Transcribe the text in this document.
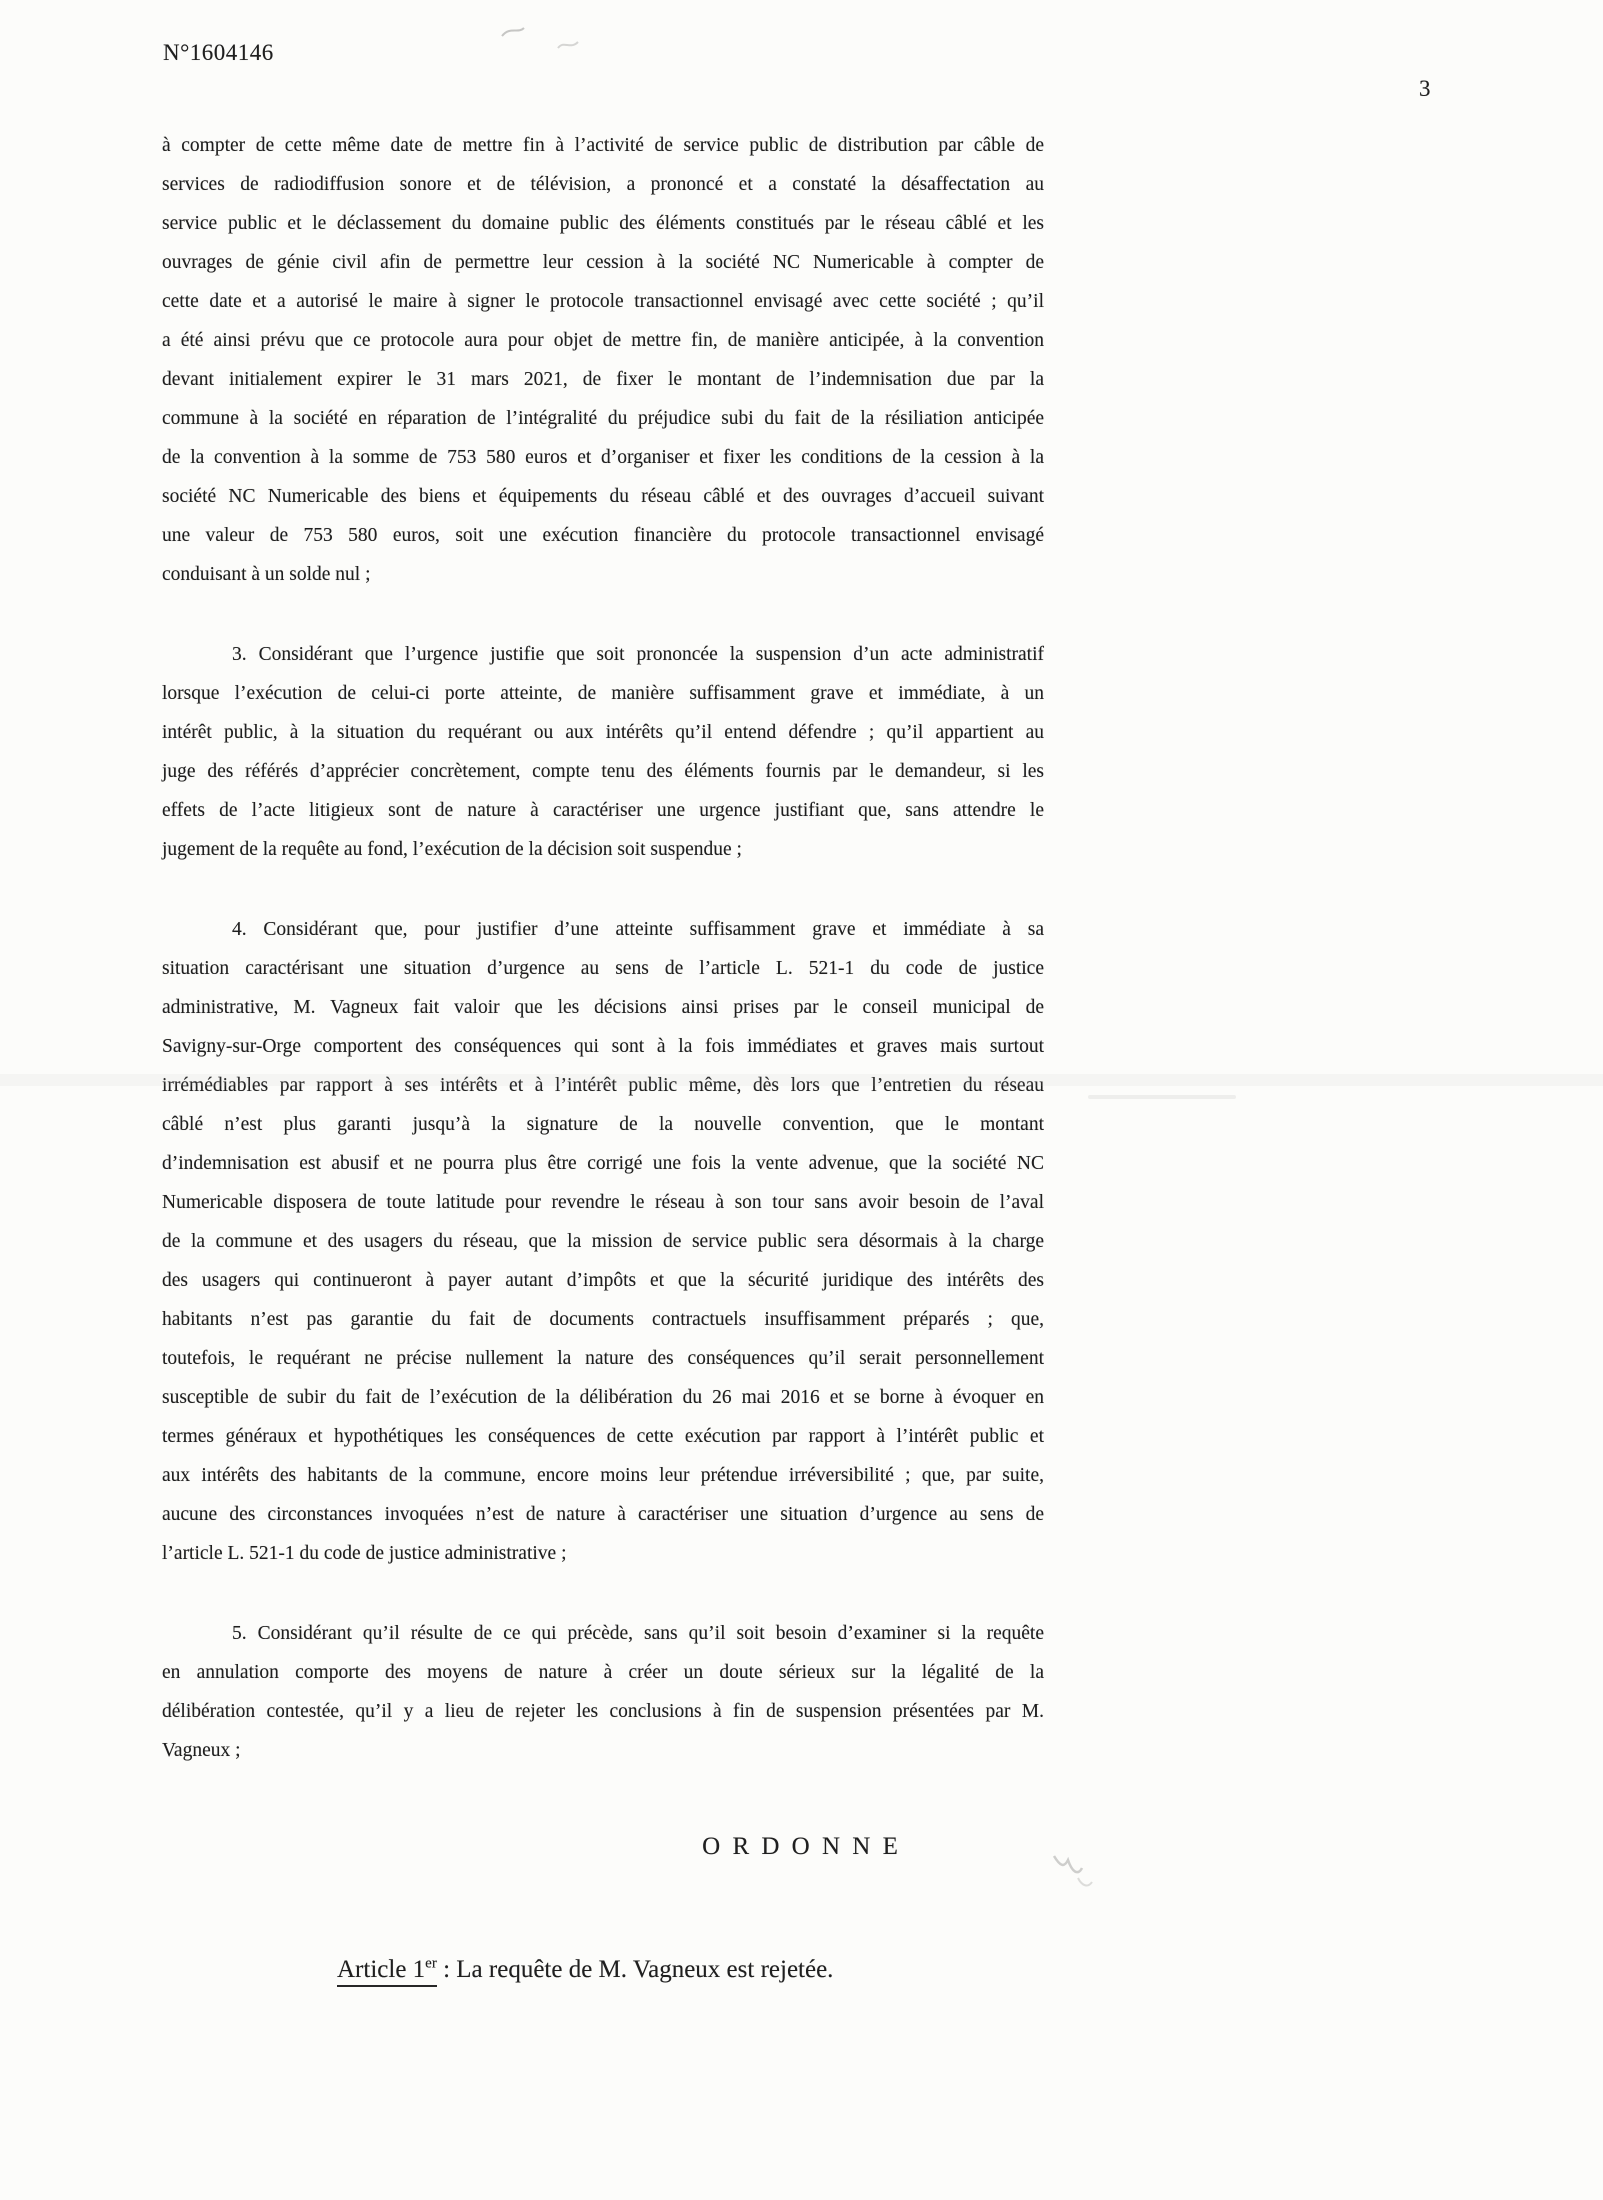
N°1604146
3
à compter de cette même date de mettre fin à l’activité de service public de distribution par câble de
services de radiodiffusion sonore et de télévision, a prononcé et a constaté la désaffectation au
service public et le déclassement du domaine public des éléments constitués par le réseau câblé et les
ouvrages de génie civil afin de permettre leur cession à la société NC Numericable à compter de
cette date et a autorisé le maire à signer le protocole transactionnel envisagé avec cette société ; qu’il
a été ainsi prévu que ce protocole aura pour objet de mettre fin, de manière anticipée, à la convention
devant initialement expirer le 31 mars 2021, de fixer le montant de l’indemnisation due par la
commune à la société en réparation de l’intégralité du préjudice subi du fait de la résiliation anticipée
de la convention à la somme de 753 580 euros et d’organiser et fixer les conditions de la cession à la
société NC Numericable des biens et équipements du réseau câblé et des ouvrages d’accueil suivant
une valeur de 753 580 euros, soit une exécution financière du protocole transactionnel envisagé
conduisant à un solde nul ;
3. Considérant que l’urgence justifie que soit prononcée la suspension d’un acte administratif
lorsque l’exécution de celui-ci porte atteinte, de manière suffisamment grave et immédiate, à un
intérêt public, à la situation du requérant ou aux intérêts qu’il entend défendre ; qu’il appartient au
juge des référés d’apprécier concrètement, compte tenu des éléments fournis par le demandeur, si les
effets de l’acte litigieux sont de nature à caractériser une urgence justifiant que, sans attendre le
jugement de la requête au fond, l’exécution de la décision soit suspendue ;
4. Considérant que, pour justifier d’une atteinte suffisamment grave et immédiate à sa
situation caractérisant une situation d’urgence au sens de l’article L. 521-1 du code de justice
administrative, M. Vagneux fait valoir que les décisions ainsi prises par le conseil municipal de
Savigny-sur-Orge comportent des conséquences qui sont à la fois immédiates et graves mais surtout
irrémédiables par rapport à ses intérêts et à l’intérêt public même, dès lors que l’entretien du réseau
câblé n’est plus garanti jusqu’à la signature de la nouvelle convention, que le montant
d’indemnisation est abusif et ne pourra plus être corrigé une fois la vente advenue, que la société NC
Numericable disposera de toute latitude pour revendre le réseau à son tour sans avoir besoin de l’aval
de la commune et des usagers du réseau, que la mission de service public sera désormais à la charge
des usagers qui continueront à payer autant d’impôts et que la sécurité juridique des intérêts des
habitants n’est pas garantie du fait de documents contractuels insuffisamment préparés ; que,
toutefois, le requérant ne précise nullement la nature des conséquences qu’il serait personnellement
susceptible de subir du fait de l’exécution de la délibération du 26 mai 2016 et se borne à évoquer en
termes généraux et hypothétiques les conséquences de cette exécution par rapport à l’intérêt public et
aux intérêts des habitants de la commune, encore moins leur prétendue irréversibilité ; que, par suite,
aucune des circonstances invoquées n’est de nature à caractériser une situation d’urgence au sens de
l’article L. 521-1 du code de justice administrative ;
5. Considérant qu’il résulte de ce qui précède, sans qu’il soit besoin d’examiner si la requête
en annulation comporte des moyens de nature à créer un doute sérieux sur la légalité de la
délibération contestée, qu’il y a lieu de rejeter les conclusions à fin de suspension présentées par M.
Vagneux ;
O R D O N N E
Article 1er : La requête de M. Vagneux est rejetée.
